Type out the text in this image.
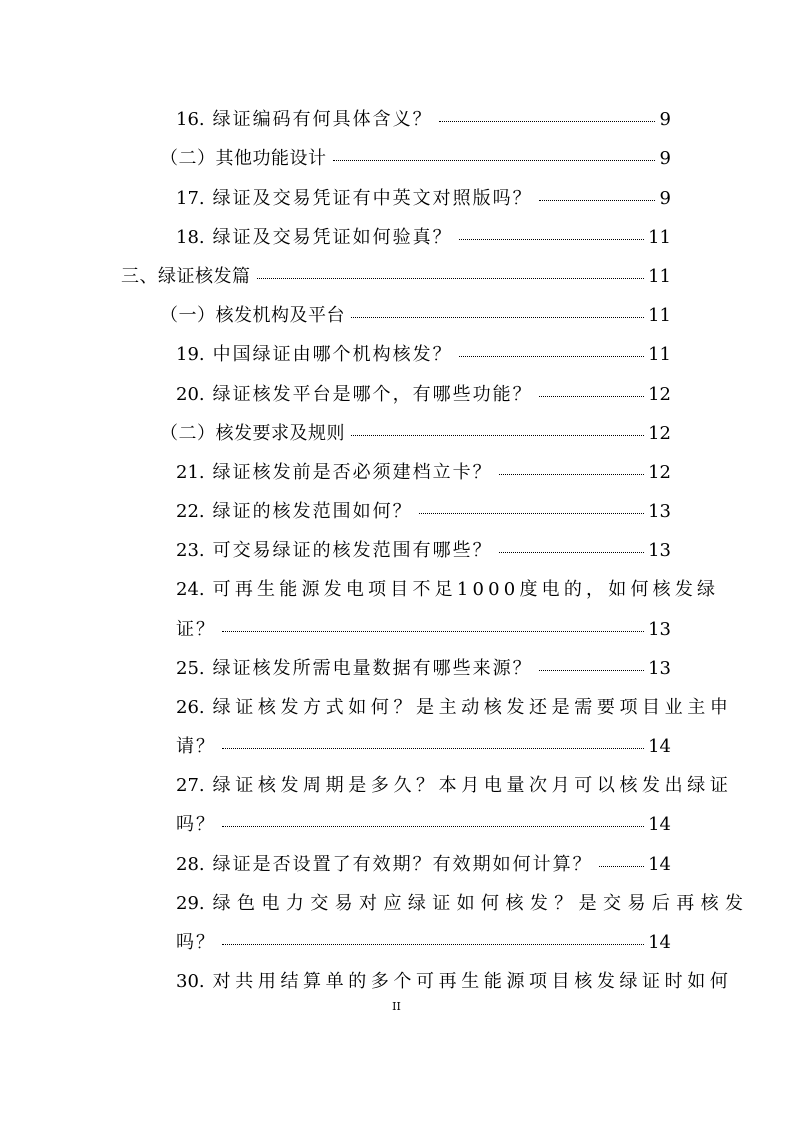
16. 绿证编码有何具体含义？	9
（二）其他功能设计	9
17. 绿证及交易凭证有中英文对照版吗？	9
18. 绿证及交易凭证如何验真？	11
三、绿证核发篇	11
（一）核发机构及平台	11
19. 中国绿证由哪个机构核发？	11
20. 绿证核发平台是哪个，有哪些功能？	12
（二）核发要求及规则	12
21. 绿证核发前是否必须建档立卡？	12
22. 绿证的核发范围如何？	13
23. 可交易绿证的核发范围有哪些？	13
24. 可再生能源发电项目不足1000度电的，如何核发绿
证？	13
25. 绿证核发所需电量数据有哪些来源？	13
26. 绿证核发方式如何？是主动核发还是需要项目业主申
请？	14
27. 绿证核发周期是多久？本月电量次月可以核发出绿证
吗？	14
28. 绿证是否设置了有效期？有效期如何计算？	14
29. 绿色电力交易对应绿证如何核发？是交易后再核发
吗？	14
30. 对共用结算单的多个可再生能源项目核发绿证时如何
II
